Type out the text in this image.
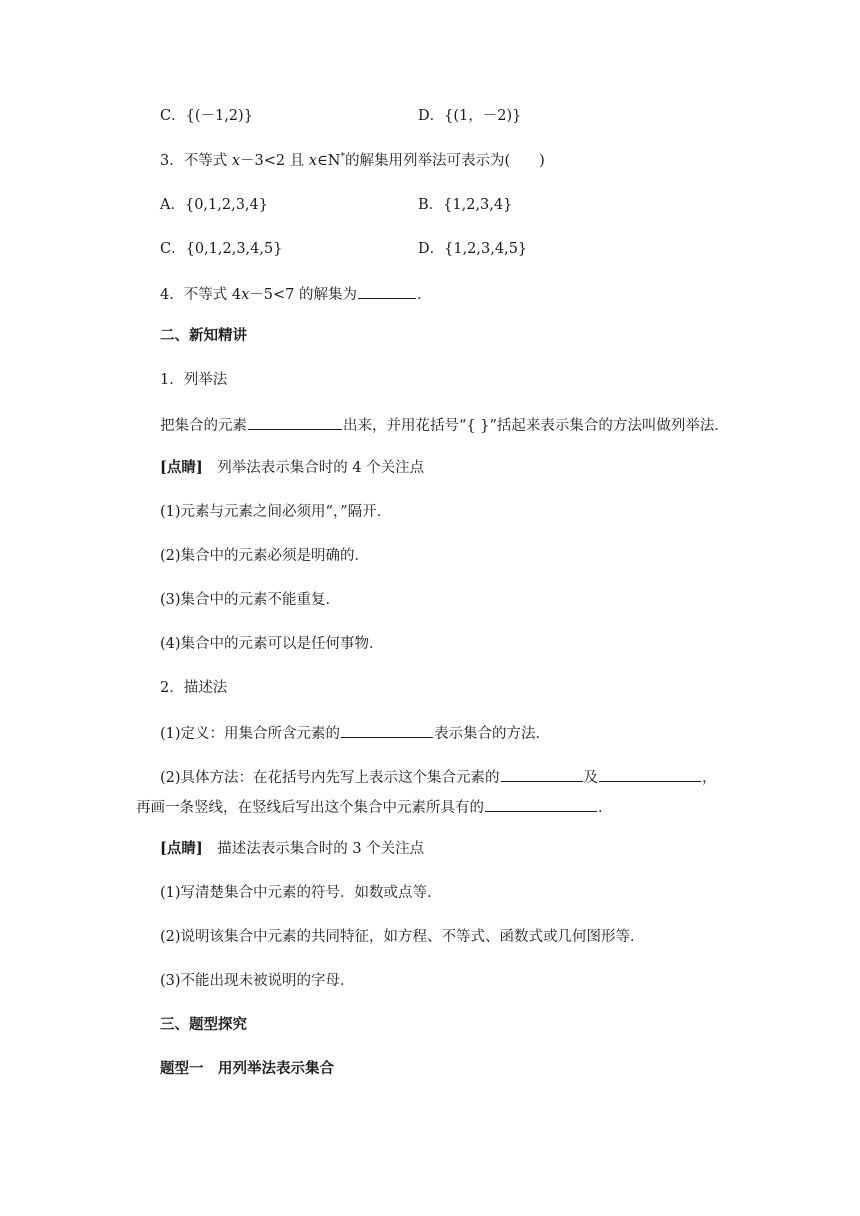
C．{(－1,2)}	D．{(1，－2)}
3．不等式 x－3<2 且 x∈N*的解集用列举法可表示为(　　)
A．{0,1,2,3,4}	B．{1,2,3,4}
C．{0,1,2,3,4,5}	D．{1,2,3,4,5}
4．不等式 4x－5<7 的解集为	．
二、新知精讲
1．列举法
把集合的元素	出来，并用花括号“{ }”括起来表示集合的方法叫做列举法．
[点睛]　列举法表示集合时的 4 个关注点
(1)元素与元素之间必须用“，”隔开．
(2)集合中的元素必须是明确的．
(3)集合中的元素不能重复．
(4)集合中的元素可以是任何事物．
2．描述法
(1)定义：用集合所含元素的	表示集合的方法．
(2)具体方法：在花括号内先写上表示这个集合元素的	及	，
再画一条竖线，在竖线后写出这个集合中元素所具有的	．
[点睛]　描述法表示集合时的 3 个关注点
(1)写清楚集合中元素的符号．如数或点等．
(2)说明该集合中元素的共同特征，如方程、不等式、函数式或几何图形等．
(3)不能出现未被说明的字母．
三、题型探究
题型一　用列举法表示集合
